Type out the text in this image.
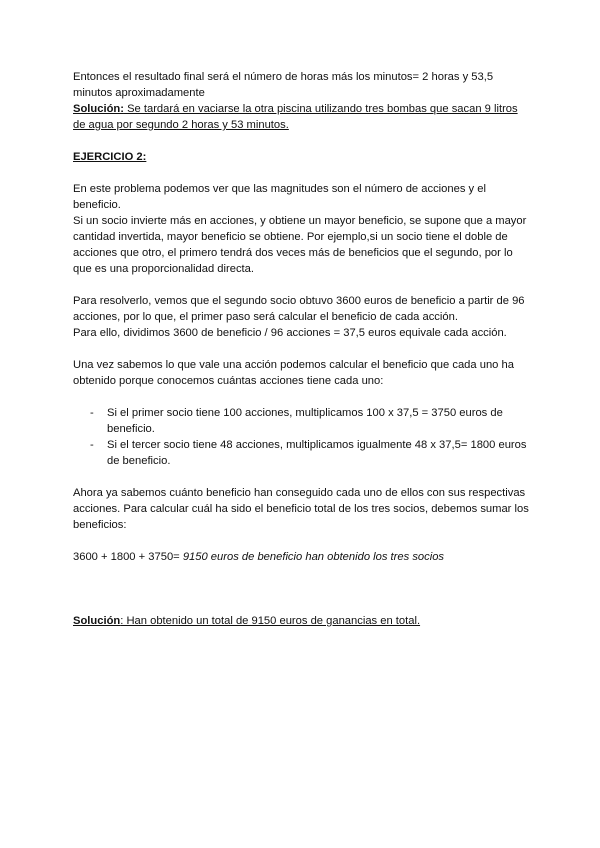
Entonces el resultado final será el número de horas más los minutos= 2 horas y 53,5 minutos aproximadamente

Solución: Se tardará en vaciarse la otra piscina utilizando tres bombas que sacan 9 litros de agua por segundo 2 horas y 53 minutos.

EJERCICIO 2:

En este problema podemos ver que las magnitudes son el número de acciones y el beneficio.

Si un socio invierte más en acciones, y obtiene un mayor beneficio, se supone que a mayor cantidad invertida, mayor beneficio se obtiene. Por ejemplo,si un socio tiene el doble de acciones que otro, el primero tendrá dos veces más de beneficios que el segundo, por lo que es una proporcionalidad directa.

Para resolverlo, vemos que el segundo socio obtuvo 3600 euros de beneficio a partir de 96 acciones, por lo que, el primer paso será calcular el beneficio de cada acción.

Para ello, dividimos 3600 de beneficio / 96 acciones = 37,5 euros equivale cada acción.

Una vez sabemos lo que vale una acción podemos calcular el beneficio que cada uno ha obtenido porque conocemos cuántas acciones tiene cada uno:

- Si el primer socio tiene 100 acciones, multiplicamos 100 x 37,5 = 3750 euros de beneficio.
- Si el tercer socio tiene 48 acciones, multiplicamos igualmente 48 x 37,5= 1800 euros de beneficio.

Ahora ya sabemos cuánto beneficio han conseguido cada uno de ellos con sus respectivas acciones. Para calcular cuál ha sido el beneficio total de los tres socios, debemos sumar los beneficios:

3600 + 1800 + 3750= 9150 euros de beneficio han obtenido los tres socios

Solución: Han obtenido un total de 9150 euros de ganancias en total.
